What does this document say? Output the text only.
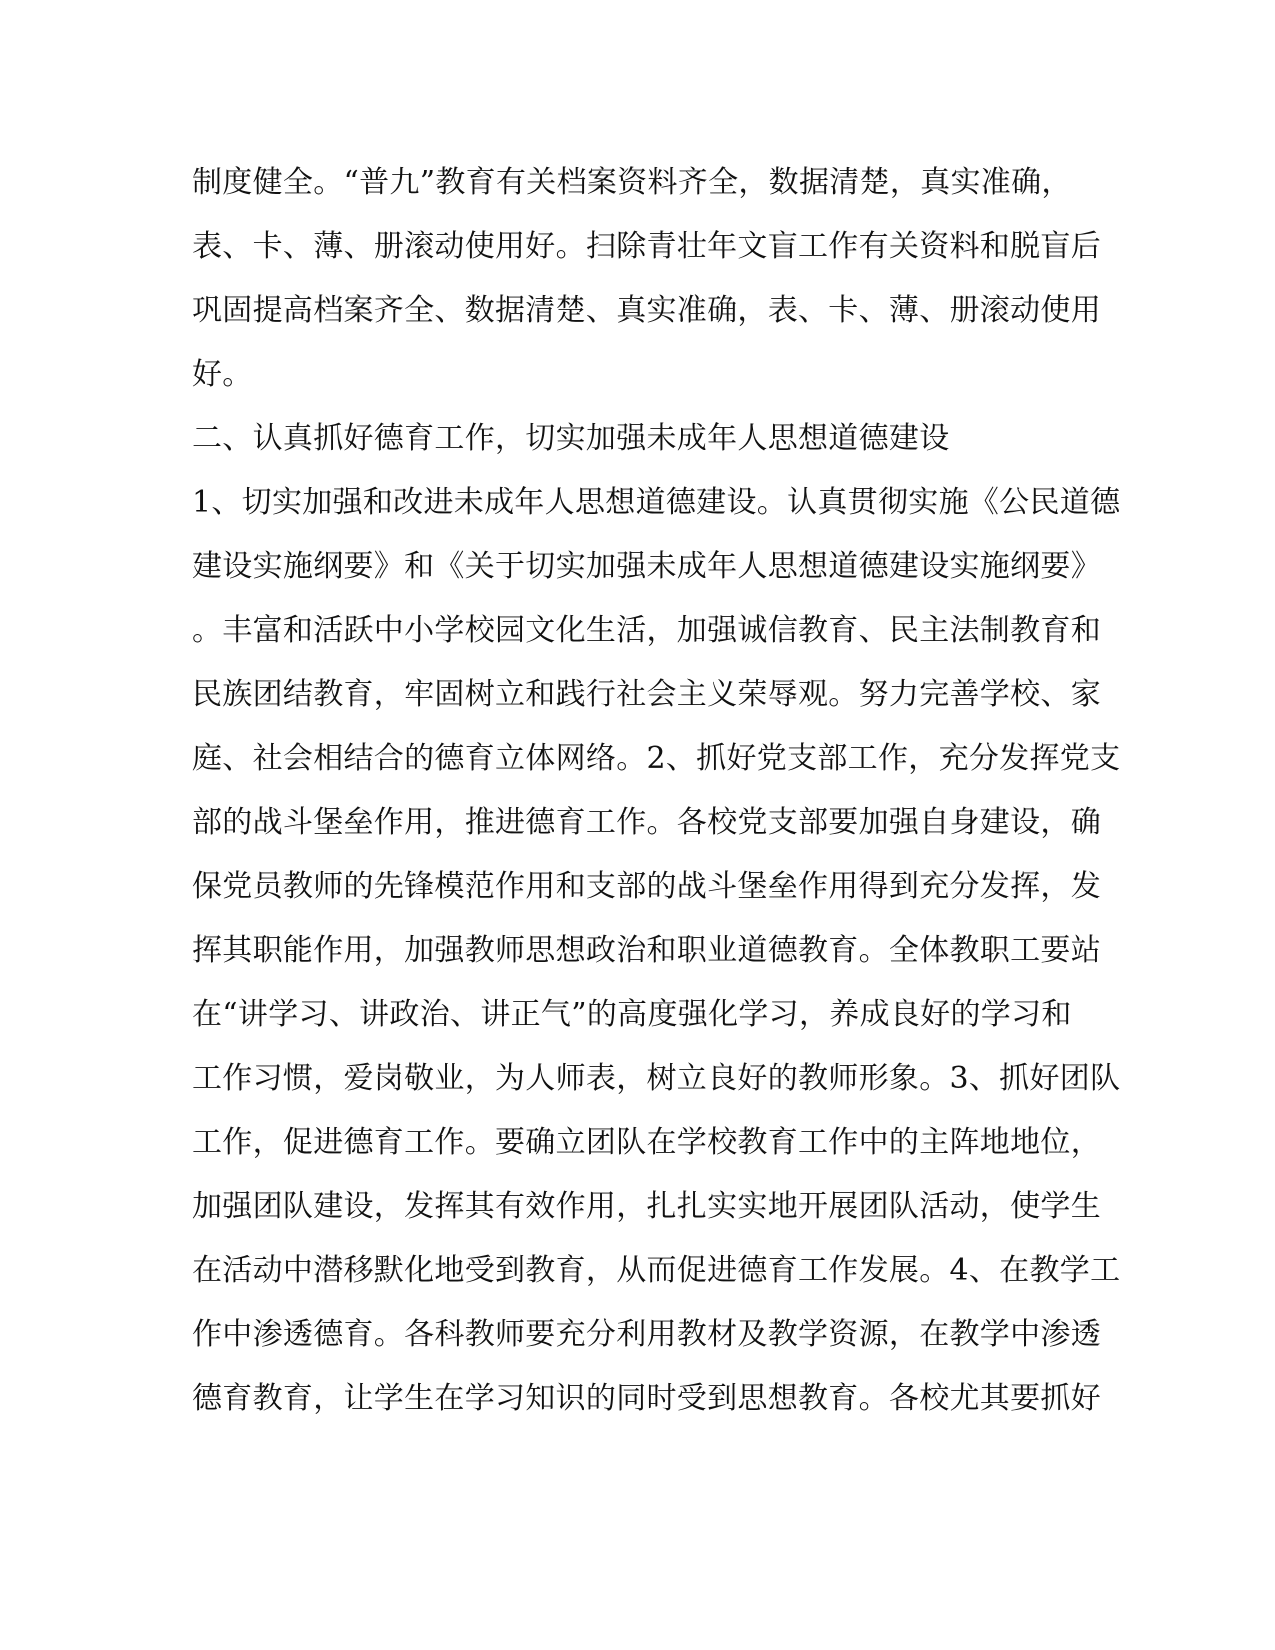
制度健全。“普九”教育有关档案资料齐全，数据清楚，真实准确，
表、卡、薄、册滚动使用好。扫除青壮年文盲工作有关资料和脱盲后
巩固提高档案齐全、数据清楚、真实准确，表、卡、薄、册滚动使用
好。
二、认真抓好德育工作，切实加强未成年人思想道德建设
1、切实加强和改进未成年人思想道德建设。认真贯彻实施《公民道德
建设实施纲要》和《关于切实加强未成年人思想道德建设实施纲要》
。丰富和活跃中小学校园文化生活，加强诚信教育、民主法制教育和
民族团结教育，牢固树立和践行社会主义荣辱观。努力完善学校、家
庭、社会相结合的德育立体网络。2、抓好党支部工作，充分发挥党支
部的战斗堡垒作用，推进德育工作。各校党支部要加强自身建设，确
保党员教师的先锋模范作用和支部的战斗堡垒作用得到充分发挥，发
挥其职能作用，加强教师思想政治和职业道德教育。全体教职工要站
在“讲学习、讲政治、讲正气”的高度强化学习，养成良好的学习和
工作习惯，爱岗敬业，为人师表，树立良好的教师形象。3、抓好团队
工作，促进德育工作。要确立团队在学校教育工作中的主阵地地位，
加强团队建设，发挥其有效作用，扎扎实实地开展团队活动，使学生
在活动中潜移默化地受到教育，从而促进德育工作发展。4、在教学工
作中渗透德育。各科教师要充分利用教材及教学资源，在教学中渗透
德育教育，让学生在学习知识的同时受到思想教育。各校尤其要抓好
